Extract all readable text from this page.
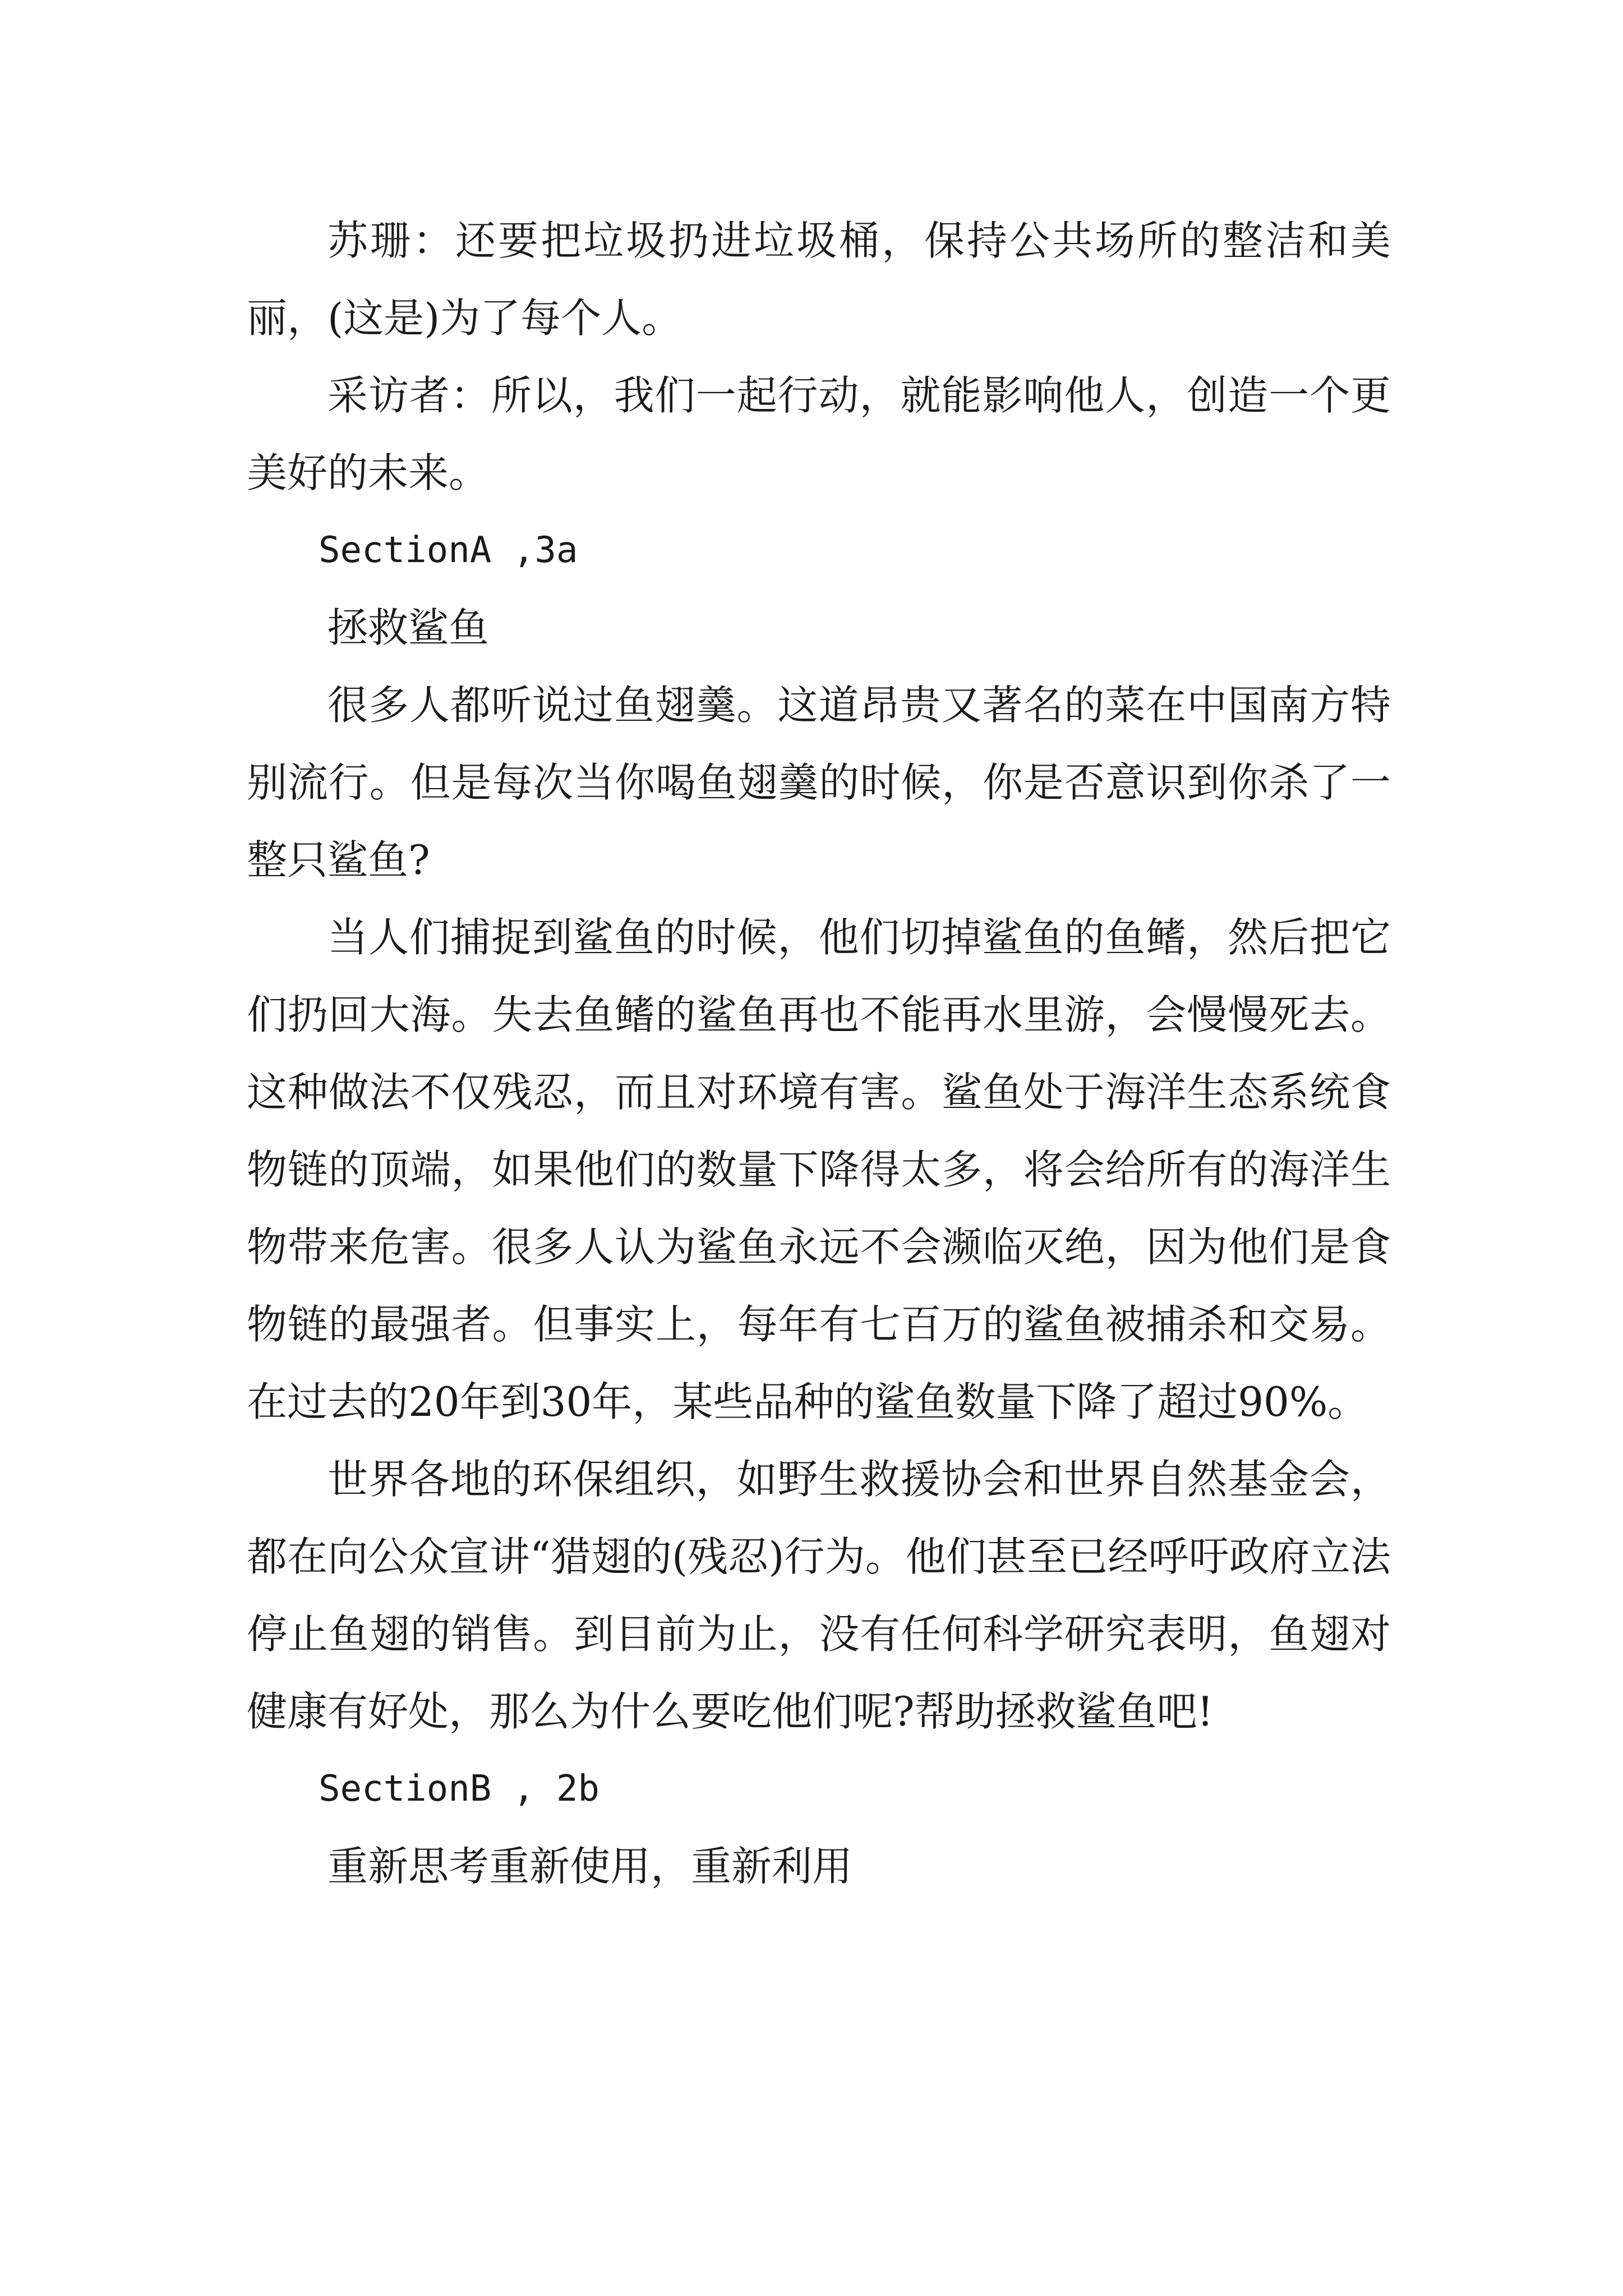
苏珊：还要把垃圾扔进垃圾桶，保持公共场所的整洁和美丽，(这是)为了每个人。

采访者：所以，我们一起行动，就能影响他人，创造一个更美好的未来。

SectionA ,3a

拯救鲨鱼

很多人都听说过鱼翅羹。这道昂贵又著名的菜在中国南方特别流行。但是每次当你喝鱼翅羹的时候，你是否意识到你杀了一整只鲨鱼?

当人们捕捉到鲨鱼的时候，他们切掉鲨鱼的鱼鳍，然后把它们扔回大海。失去鱼鳍的鲨鱼再也不能再水里游，会慢慢死去。这种做法不仅残忍，而且对环境有害。鲨鱼处于海洋生态系统食物链的顶端，如果他们的数量下降得太多，将会给所有的海洋生物带来危害。很多人认为鲨鱼永远不会濒临灭绝，因为他们是食物链的最强者。但事实上，每年有七百万的鲨鱼被捕杀和交易。在过去的20年到30年，某些品种的鲨鱼数量下降了超过90%。

世界各地的环保组织，如野生救援协会和世界自然基金会，都在向公众宣讲“猎翅的(残忍)行为。他们甚至已经呼吁政府立法停止鱼翅的销售。到目前为止，没有任何科学研究表明，鱼翅对健康有好处，那么为什么要吃他们呢?帮助拯救鲨鱼吧!

SectionB , 2b

重新思考重新使用，重新利用
